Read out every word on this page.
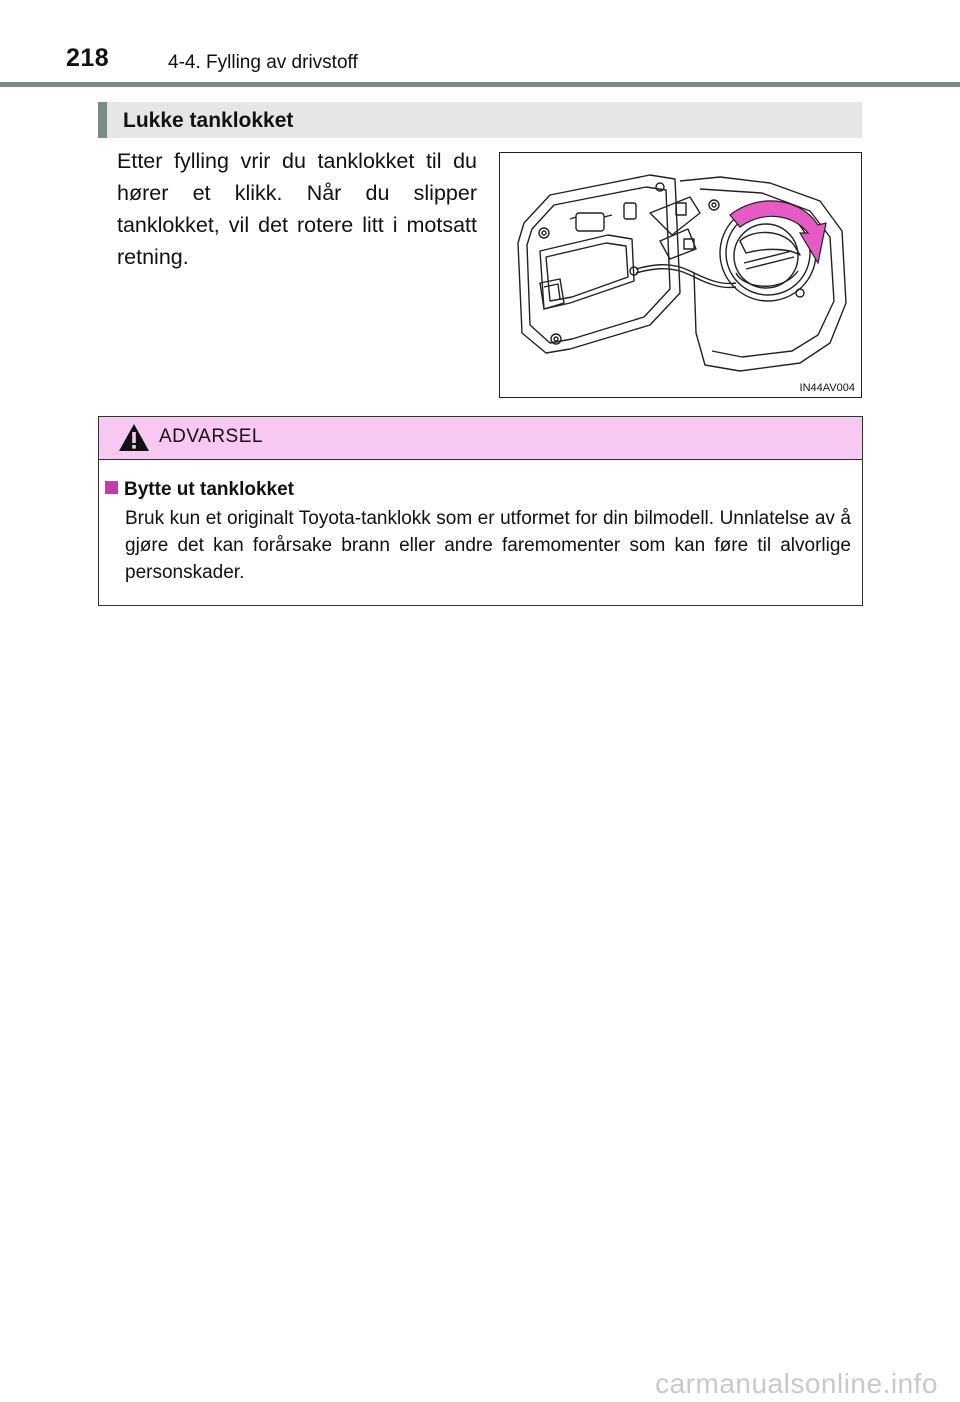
218	4-4. Fylling av drivstoff
Lukke tanklokket
Etter fylling vrir du tanklokket til du hører et klikk. Når du slipper tanklokket, vil det rotere litt i motsatt retning.
IN44AV004
ADVARSEL
Bytte ut tanklokket
Bruk kun et originalt Toyota-tanklokk som er utformet for din bilmodell. Unnlatelse av å gjøre det kan forårsake brann eller andre faremomenter som kan føre til alvorlige personskader.
carmanualsonline.info
